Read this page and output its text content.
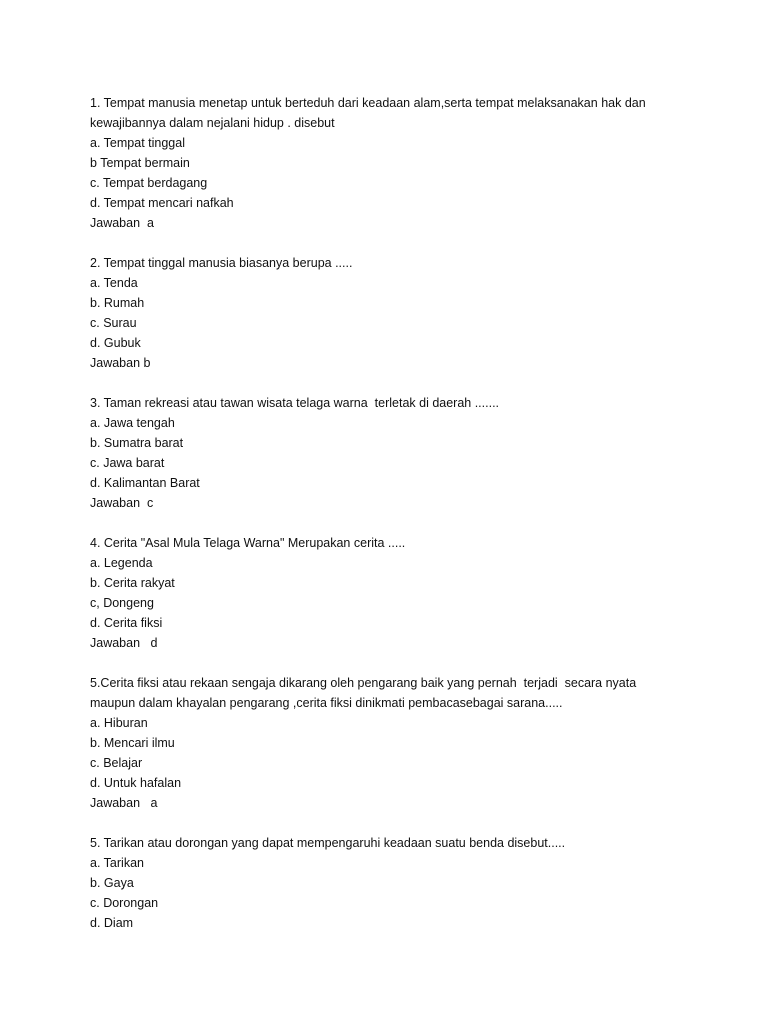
1. Tempat manusia menetap untuk berteduh dari keadaan alam,serta tempat melaksanakan hak dan
kewajibannya dalam nejalani hidup . disebut
a. Tempat tinggal
b Tempat bermain
c. Tempat berdagang
d. Tempat mencari nafkah
Jawaban  a
2. Tempat tinggal manusia biasanya berupa .....
a. Tenda
b. Rumah
c. Surau
d. Gubuk
Jawaban b
3. Taman rekreasi atau tawan wisata telaga warna  terletak di daerah .......
a. Jawa tengah
b. Sumatra barat
c. Jawa barat
d. Kalimantan Barat
Jawaban  c
4. Cerita "Asal Mula Telaga Warna" Merupakan cerita .....
a. Legenda
b. Cerita rakyat
c, Dongeng
d. Cerita fiksi
Jawaban   d
5.Cerita fiksi atau rekaan sengaja dikarang oleh pengarang baik yang pernah  terjadi  secara nyata
maupun dalam khayalan pengarang ,cerita fiksi dinikmati pembacasebagai sarana.....
a. Hiburan
b. Mencari ilmu
c. Belajar
d. Untuk hafalan
Jawaban   a
5. Tarikan atau dorongan yang dapat mempengaruhi keadaan suatu benda disebut.....
a. Tarikan
b. Gaya
c. Dorongan
d. Diam
